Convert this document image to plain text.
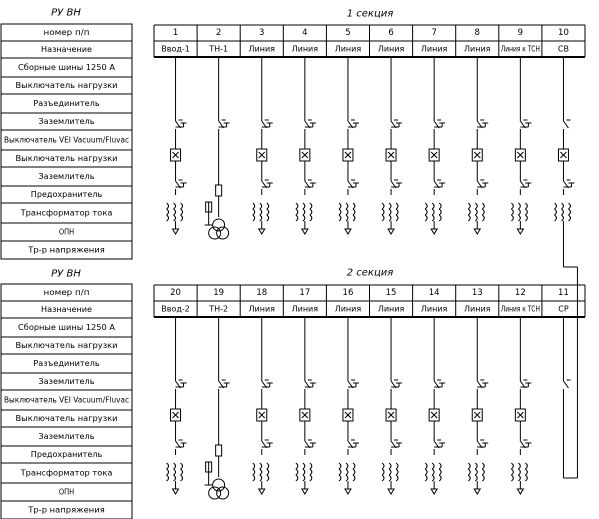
РУ ВН	1 секция
номер п/п
Назначение
Сборные шины 1250 А
Выключатель нагрузки
Разъединитель
Заземлитель
Выключатель VEI Vacuum/Fluvac
Выключатель нагрузки
Заземлитель
Предохранитель
Трансформатор тока
ОПН
Тр-р напряжения
1
Ввод-1
2
ТН-1
3
Линия
4
Линия
5
Линия
6
Линия
7
Линия
8
Линия
9
Линия к ТСН
10
СВ
РУ ВН	2 секция
номер п/п
Назначение
Сборные шины 1250 А
Выключатель нагрузки
Разъединитель
Заземлитель
Выключатель VEI Vacuum/Fluvac
Выключатель нагрузки
Заземлитель
Предохранитель
Трансформатор тока
ОПН
Тр-р напряжения
20
Ввод-2
19
ТН-2
18
Линия
17
Линия
16
Линия
15
Линия
14
Линия
13
Линия
12
Линия к ТСН
11
СР
